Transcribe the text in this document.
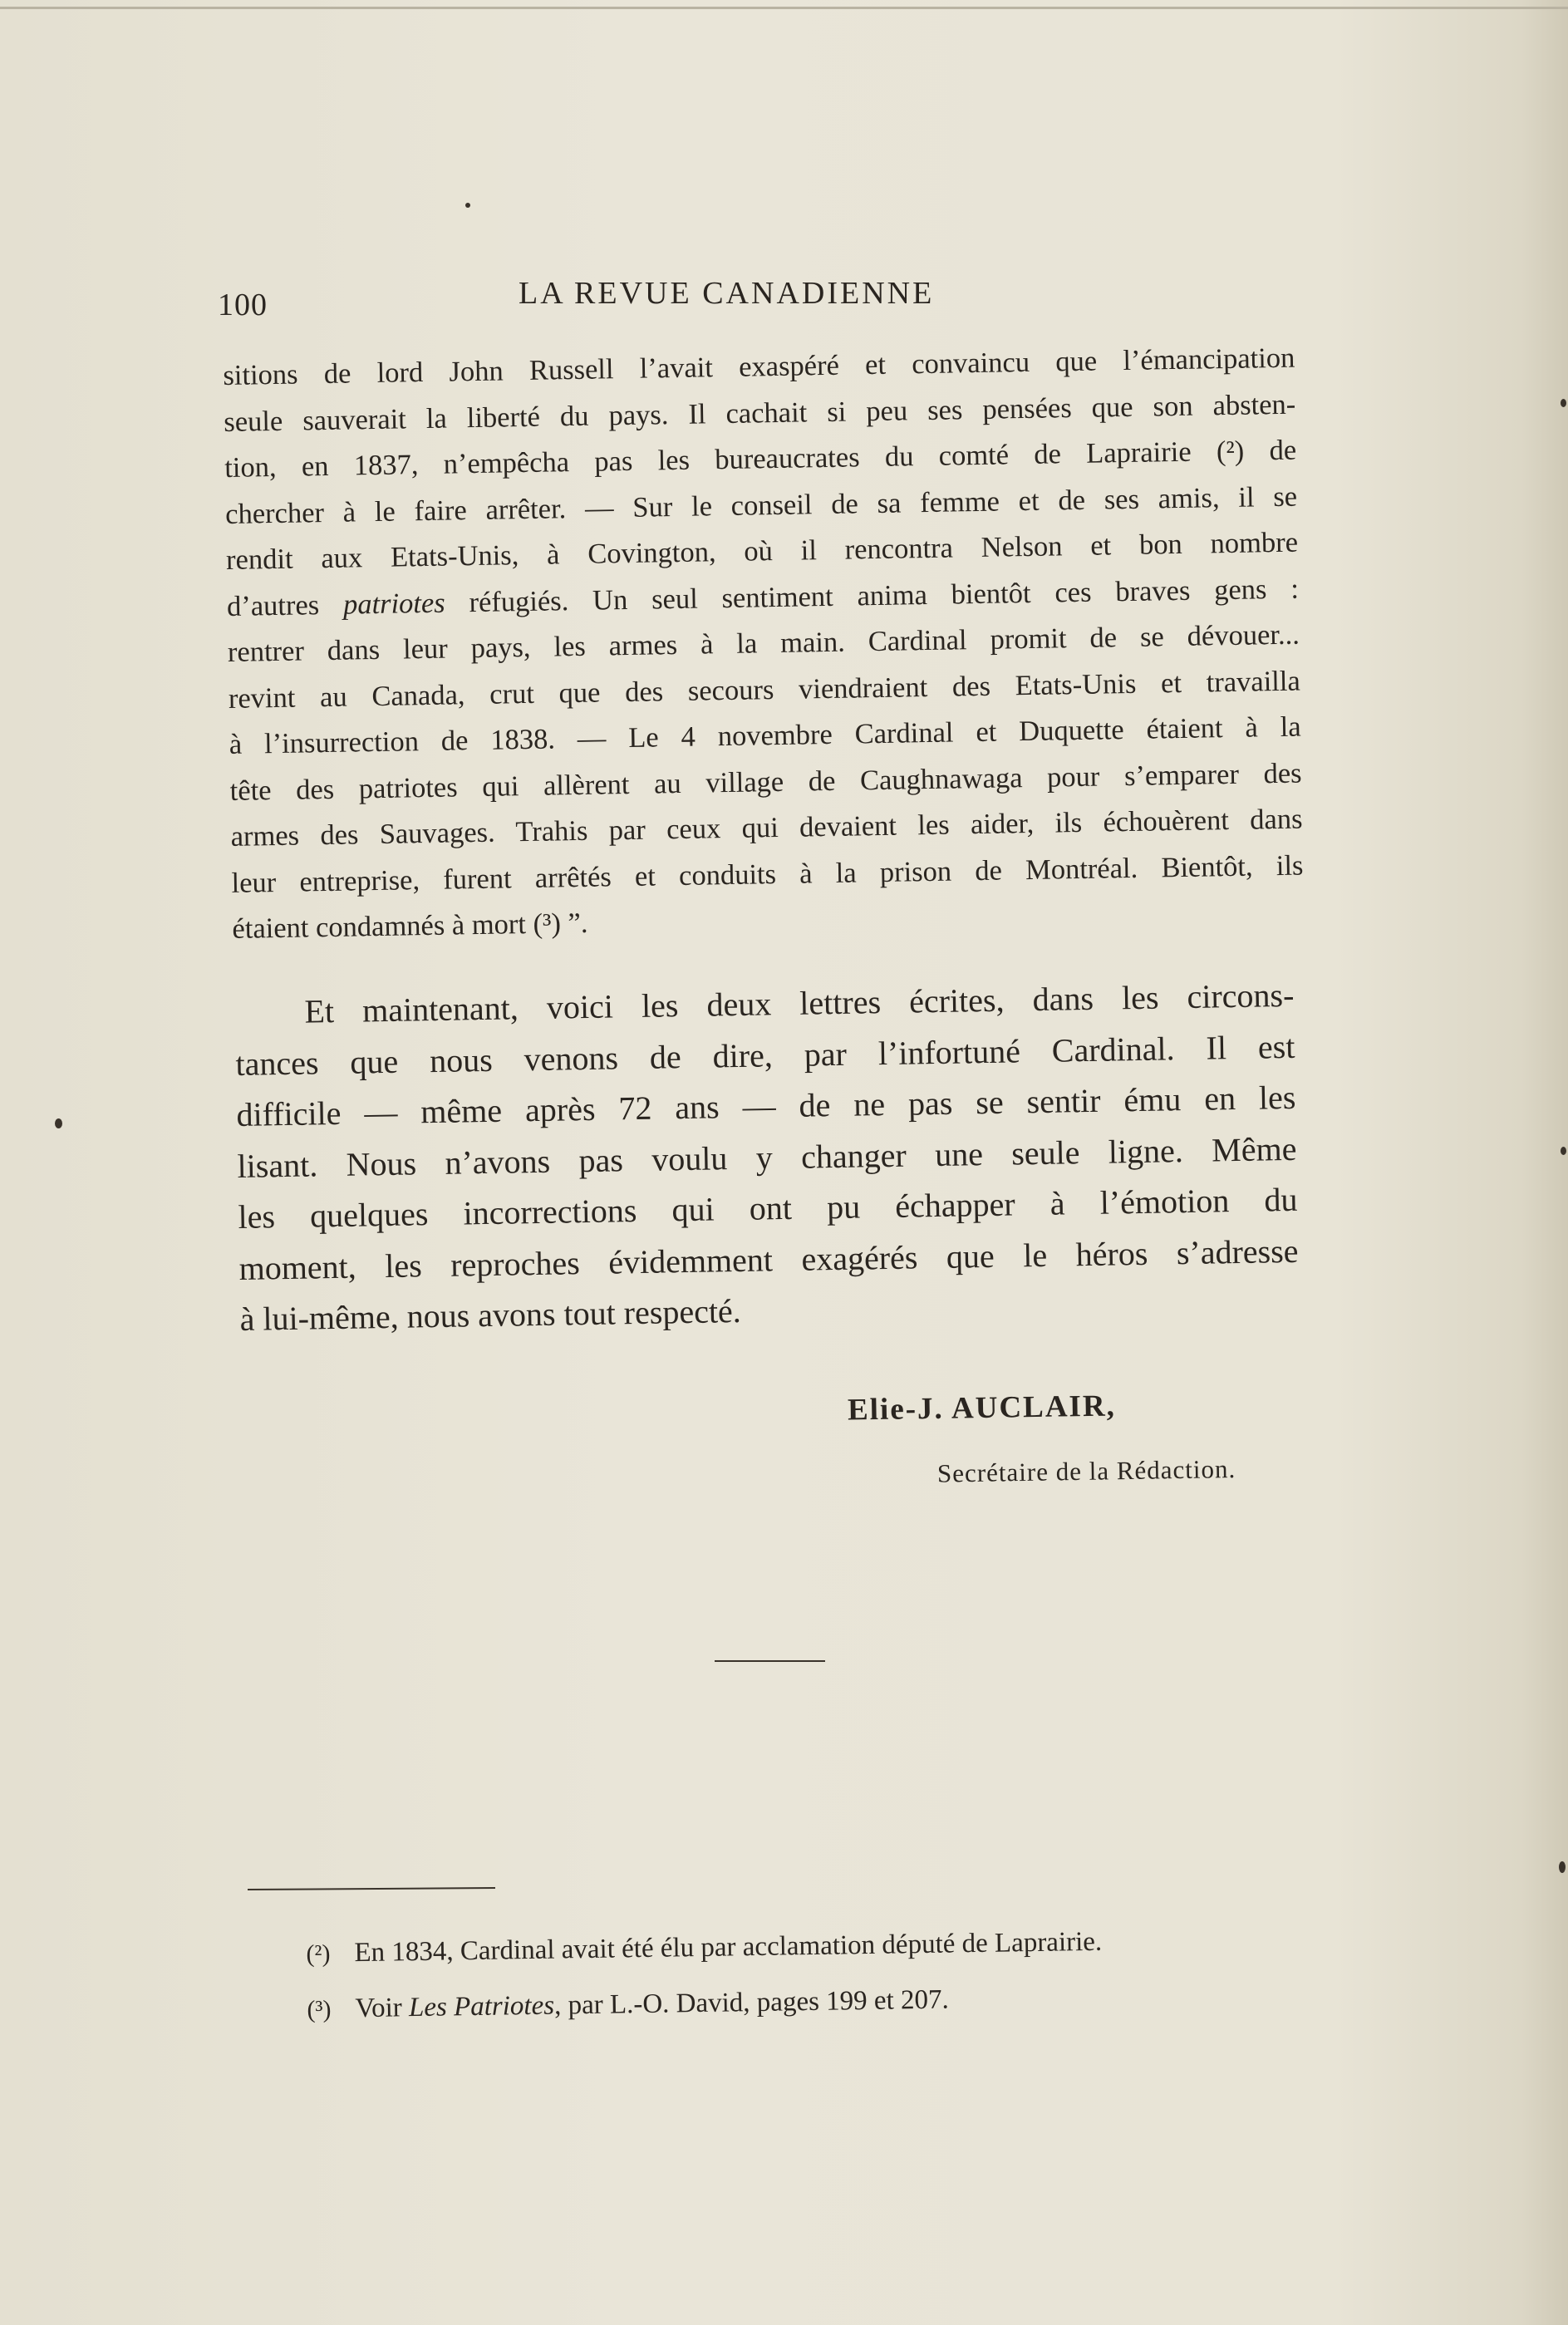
100	LA REVUE CANADIENNE
sitions de lord John Russell l’avait exaspéré et convaincu que l’émancipation
seule sauverait la liberté du pays. Il cachait si peu ses pensées que son absten-
tion, en 1837, n’empêcha pas les bureaucrates du comté de Laprairie (²) de
chercher à le faire arrêter. — Sur le conseil de sa femme et de ses amis, il se
rendit aux Etats-Unis, à Covington, où il rencontra Nelson et bon nombre
d’autres patriotes réfugiés. Un seul sentiment anima bientôt ces braves gens :
rentrer dans leur pays, les armes à la main. Cardinal promit de se dévouer...
revint au Canada, crut que des secours viendraient des Etats-Unis et travailla
à l’insurrection de 1838. — Le 4 novembre Cardinal et Duquette étaient à la
tête des patriotes qui allèrent au village de Caughnawaga pour s’emparer des
armes des Sauvages. Trahis par ceux qui devaient les aider, ils échouèrent dans
leur entreprise, furent arrêtés et conduits à la prison de Montréal. Bientôt, ils
étaient condamnés à mort (³) ”.
Et maintenant, voici les deux lettres écrites, dans les circons-
tances que nous venons de dire, par l’infortuné Cardinal. Il est
difficile — même après 72 ans — de ne pas se sentir ému en les
lisant. Nous n’avons pas voulu y changer une seule ligne. Même
les quelques incorrections qui ont pu échapper à l’émotion du
moment, les reproches évidemment exagérés que le héros s’adresse
à lui-même, nous avons tout respecté.
Elie-J. AUCLAIR,
Secrétaire de la Rédaction.
(²) En 1834, Cardinal avait été élu par acclamation député de Laprairie.
(³) Voir Les Patriotes, par L.-O. David, pages 199 et 207.
